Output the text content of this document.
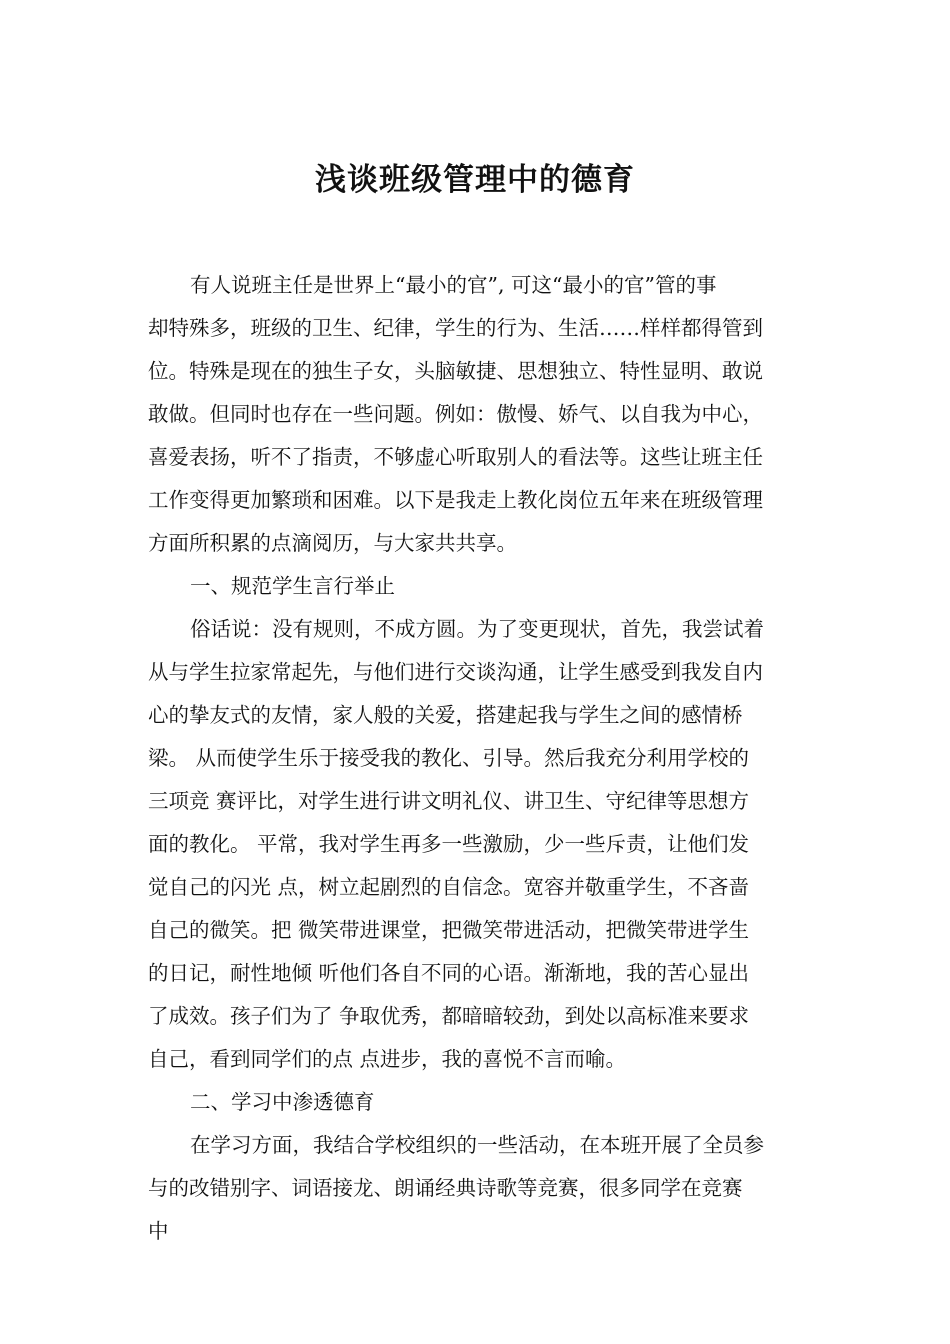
浅谈班级管理中的德育
有人说班主任是世界上“最小的官”, 可这“最小的官”管的事
却特殊多，班级的卫生、纪律，学生的行为、生活……样样都得管到
位。特殊是现在的独生子女，头脑敏捷、思想独立、特性显明、敢说
敢做。但同时也存在一些问题。例如：傲慢、娇气、以自我为中心，
喜爱表扬，听不了指责，不够虚心听取别人的看法等。这些让班主任
工作变得更加繁琐和困难。以下是我走上教化岗位五年来在班级管理
方面所积累的点滴阅历，与大家共共享。
一、规范学生言行举止
俗话说：没有规则，不成方圆。为了变更现状，首先，我尝试着
从与学生拉家常起先，与他们进行交谈沟通，让学生感受到我发自内
心的挚友式的友情，家人般的关爱，搭建起我与学生之间的感情桥
梁。 从而使学生乐于接受我的教化、引导。然后我充分利用学校的
三项竞 赛评比，对学生进行讲文明礼仪、讲卫生、守纪律等思想方
面的教化。 平常，我对学生再多一些激励，少一些斥责，让他们发
觉自己的闪光 点，树立起剧烈的自信念。宽容并敬重学生，不吝啬
自己的微笑。把 微笑带进课堂，把微笑带进活动，把微笑带进学生
的日记，耐性地倾 听他们各自不同的心语。渐渐地，我的苦心显出
了成效。孩子们为了 争取优秀，都暗暗较劲，到处以高标准来要求
自己，看到同学们的点 点进步，我的喜悦不言而喻。
二、学习中渗透德育
在学习方面，我结合学校组织的一些活动，在本班开展了全员参
与的改错别字、词语接龙、朗诵经典诗歌等竞赛，很多同学在竞赛
中
